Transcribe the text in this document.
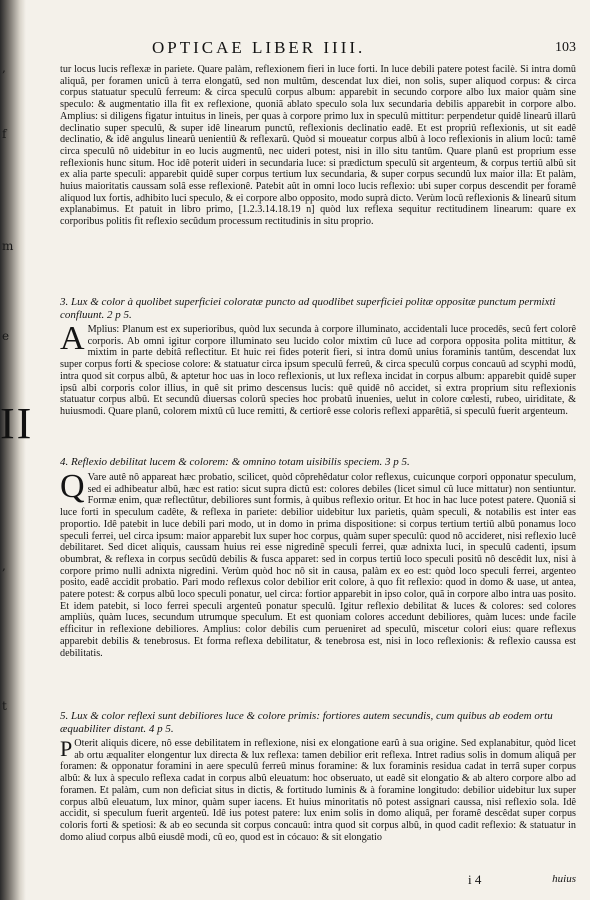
,
f
m
e
,
t
II
OPTICAE LIBER IIII.	103

tur locus lucis reflexæ in pariete. Quare palàm, reflexionem fieri in luce forti. In luce debili patere potest facilè. Si intra domû aliquâ, per foramen unicû à terra elongatû, sed non multûm, descendat lux diei, non solis, super aliquod corpus: & circa corpus statuatur speculû ferreum: & circa speculû corpus album: apparebit in secundo corpore albo lux maior quàm sine speculo: & augmentatio illa fit ex reflexione, quoniã ablato speculo sola lux secundaria debilis apparebit in corpore albo. Amplius: si diligens figatur intuitus in lineis, per quas à corpore primo lux in speculû mittitur: perpendetur quidê linearû illarû declinatio super speculû, & super idê linearum punctû, reflexionis declinatio eadê. Et est propriû reflexionis, ut sit eadê declinatio, & idê angulus linearû uenientiû & reflexarû. Quòd si moueatur corpus albû à loco reflexionis in alium locû: tamê circa speculû nô uidebitur in eo lucis augmentû, nec uideri potest, nisi in illo situ tantûm. Quare planû est proprium esse reflexionis hunc situm. Hoc idê poterit uideri in secundaria luce: si prædictum speculû sit argenteum, & corpus tertiû albû sit ex alia parte speculi: apparebit quidê super corpus tertium lux secundaria, & super corpus secundû lux maior illa: Et palàm, huius maioritatis caussam solâ esse reflexionê. Patebit aût in omni loco lucis reflexio: ubi super corpus descendit per foramê aliquod lux fortis, adhibito luci speculo, & ei corpore albo opposito, modo suprà dicto. Verùm locû reflexionis & linearû situm explanabimus. Et patuit in libro primo, [1.2.3.14.18.19 n] quòd lux reflexa sequitur rectitudinem linearum: quare ex corporibus politis fit reflexio secûdum processum rectitudinis in situ proprio.

3. Lux & color à quolibet superficiei coloratæ puncto ad quodlibet superficiei politæ oppositæ punctum permixti confluunt. 2 p 5.

A Mplius: Planum est ex superioribus, quòd lux secunda à corpore illuminato, accidentali luce procedês, secû fert colorê corporis. Ab omni igitur corpore illuminato seu lucido color mixtim cû luce ad corpora opposita polita mittitur, & mixtim in parte debitâ reflectitur. Et huic rei fides poterit fieri, si intra domû unius foraminis tantûm, descendat lux super corpus forti & speciose colore: & statuatur circa ipsum speculû ferreû, & circa speculû corpus concauû ad scyphi modû, intra quod sit corpus albû, & aptetur hoc uas in loco reflexionis, ut lux reflexa incidat in corpus album: apparebit quidê super ipsû albi corporis color illius, in quê sit primo descensus lucis: quê quidê nô accidet, si extra proprium situ reflexionis statuatur corpus albû. Et secundû diuersas colorû species hoc probatû inuenies, uelut in colore cœlesti, rubeo, uiriditate, & huiusmodi. Quare planû, colorem mixtû cû luce remitti, & certiorê esse coloris reflexi apparêtiã, si speculû fuerit argenteum.

4. Reflexio debilitat lucem & colorem: & omnino totam uisibilis speciem. 3 p 5.

Q Vare autê nô appareat hæc probatio, scilicet, quòd côprehêdatur color reflexus, cuicunque corpori opponatur speculum, sed ei adhibeatur albû, hæc est ratio: sicut supra dictû est: colores debiles (licet simul cû luce mittatur) non sentiuntur. Formæ enim, quæ reflectûtur, debiliores sunt formis, à quibus reflexio oritur. Et hoc in hac luce potest patere. Quoniã si luce forti in speculum cadête, & reflexa in pariete: debilior uidebitur lux parietis, quàm speculi, & notabilis est inter eas proportio. Idê patebit in luce debili pari modo, ut in domo in prima dispositione: si corpus tertium tertiû albû ponamus loco speculi ferrei, uel circa ipsum: maior apparebit lux super hoc corpus, quàm super speculû: quod nô accideret, nisi reflexio lucê debilitaret. Sed dicet aliquis, caussam huius rei esse nigredinê speculi ferrei, quæ adnixta luci, in speculû cadenti, ipsum obumbrat, & reflexa in corpus secûdû debilis & fusca apparet: sed in corpus tertiû loco speculi positû nô descêdit lux, nisi à corpore primo nulli adnixta nigredini. Verùm quòd hoc nô sit in causa, palàm ex eo est: quòd loco speculi ferrei, argenteo posito, eadê accidit probatio. Pari modo reflexus color debilior erit colore, à quo fit reflexio: quod in domo & uase, ut antea, patere potest: & corpus albû loco speculi ponatur, uel circa: fortior apparebit in ipso color, quã in corpore albo intra uas posito. Et idem patebit, si loco ferrei speculi argenteû ponatur speculû. Igitur reflexio debilitat & luces & colores: sed colores ampliùs, quàm luces, secundum utrumque speculum. Et est quoniam colores accedunt debiliores, quàm luces: unde facile efficitur in reflexione debiliores. Amplius: color debilis cum perueniret ad speculû, miscetur colori eius: quare reflexus apparebit debilis & tenebrosus. Et forma reflexa debilitatur, & tenebrosa est, nisi in loco reflexionis: & reflexio caussa est debilitatis.

5. Lux & color reflexi sunt debiliores luce & colore primis: fortiores autem secundis, cum quibus ab eodem ortu æquabiliter distant. 4 p 5.

P Oterit aliquis dicere, nô esse debilitatem in reflexione, nisi ex elongatione earû à sua origine. Sed explanabitur, quòd licet ab ortu æqualiter elongentur lux directa & lux reflexa: tamen debilior erit reflexa. Intret radius solis in domum aliquâ per foramen: & opponatur foramini in aere speculû ferreû minus foramine: & lux foraminis residua cadat in terrâ super corpus albû: & lux à speculo reflexa cadat in corpus albû eleuatum: hoc obseruato, ut eadê sit elongatio & ab altero corpore albo ad foramen. Et palàm, cum non deficiat situs in dictis, & fortitudo luminis & à foramine longitudo: debilior uidebitur lux super corpus albû eleuatum, lux minor, quàm super iacens. Et huius minoritatis nô potest assignari caussa, nisi reflexio sola. Idê accidit, si speculum fuerit argenteû. Idê ius potest patere: lux enim solis in domo aliquâ, per foramê descêdat super corpus coloris forti & spetiosi: & ab eo secunda sit corpus concauû: intra quod sit corpus albû, in quod cadit reflexio: & statuatur in domo aliud corpus albû eiusdê modi, cû eo, quod est in cócauo: & sit elongatio

i 4	huius
